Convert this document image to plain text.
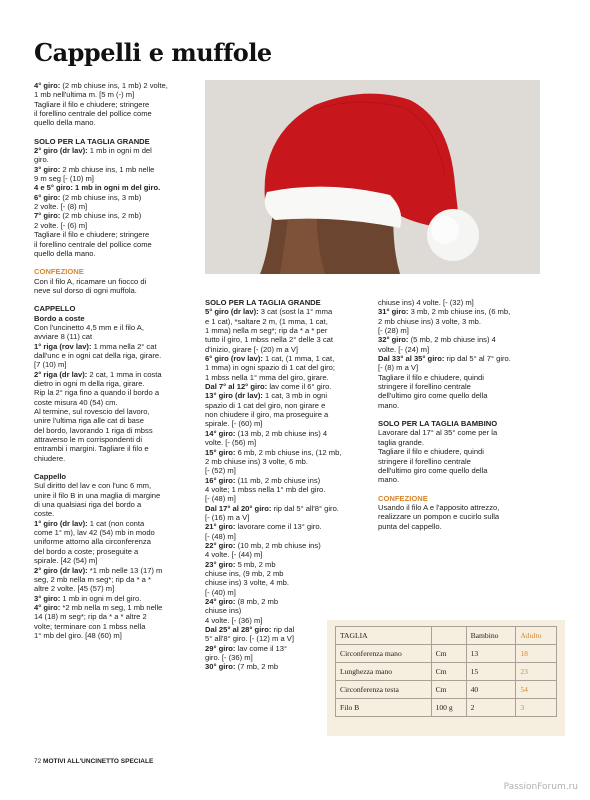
Cappelli e muffole

4° giro: (2 mb chiuse ins, 1 mb) 2 volte,

1 mb nell'ultima m. [5 m (-) m]

Tagliare il filo e chiudere; stringere

il forellino centrale del pollice come

quello della mano.

SOLO PER LA TAGLIA GRANDE

2° giro (dr lav): 1 mb in ogni m del

giro.

3° giro: 2 mb chiuse ins, 1 mb nelle

9 m seg [- (10) m]

4 e 5° giro: 1 mb in ogni m del giro.

6° giro: (2 mb chiuse ins, 3 mb)

2 volte. [- (8) m]

7° giro: (2 mb chiuse ins, 2 mb)

2 volte. [- (6) m]

Tagliare il filo e chiudere; stringere

il forellino centrale del pollice come

quello della mano.

CONFEZIONE

Con il filo A, ricamare un fiocco di

neve sul dorso di ogni muffola.

CAPPELLO

Bordo a coste

Con l'uncinetto 4,5 mm e il filo A,

avviare 8 (11) cat

1° riga (rov lav): 1 mma nella 2° cat

dall'unc e in ogni cat della riga, girare.

[7 (10) m]

2° riga (dr lav): 2 cat, 1 mma in costa

dietro in ogni m della riga, girare.

Rip la 2° riga fino a quando il bordo a

coste misura 40 (54) cm.

Al termine, sul rovescio del lavoro,

unire l'ultima riga alle cat di base

del bordo, lavorando 1 riga di mbss

attraverso le m corrispondenti di

entrambi i margini. Tagliare il filo e

chiudere.

Cappello

Sul diritto del lav e con l'unc 6 mm,

unire il filo B in una maglia di margine

di una qualsiasi riga del bordo a

coste.

1° giro (dr lav): 1 cat (non conta

come 1° m), lav 42 (54) mb in modo

uniforme attorno alla circonferenza

del bordo a coste; proseguite a

spirale. [42 (54) m]

2° giro (dr lav): *1 mb nelle 13 (17) m

seg, 2 mb nella m seg*; rip da * a *

altre 2 volte. [45 (57) m]

3° giro: 1 mb in ogni m del giro.

4° giro: *2 mb nella m seg, 1 mb nelle

14 (18) m seg*; rip da * a * altre 2

volte; terminare con 1 mbss nella

1° mb del giro. [48 (60) m]

SOLO PER LA TAGLIA GRANDE

5° giro (dr lav): 3 cat (sost la 1° mma

e 1 cat), *saltare 2 m, (1 mma, 1 cat,

1 mma) nella m seg*; rip da * a * per

tutto il giro, 1 mbss nella 2° delle 3 cat

d'inizio, girare [- (20) m a V]

6° giro (rov lav): 1 cat, (1 mma, 1 cat,

1 mma) in ogni spazio di 1 cat del giro;

1 mbss nella 1° mma del giro, girare.

Dal 7° al 12° giro: lav come il 6° giro.

13° giro (dr lav): 1 cat, 3 mb in ogni

spazio di 1 cat del giro, non girare e

non chiudere il giro, ma proseguire a

spirale. [- (60) m]

14° giro: (13 mb, 2 mb chiuse ins) 4

volte. [- (56) m]

15° giro: 6 mb, 2 mb chiuse ins, (12 mb,

2 mb chiuse ins) 3 volte, 6 mb.

[- (52) m]

16° giro: (11 mb, 2 mb chiuse ins)

4 volte; 1 mbss nella 1° mb del giro.

[- (48) m]

Dal 17° al 20° giro: rip dal 5° all'8° giro.

[- (16) m a V]

21° giro: lavorare come il 13° giro.

[- (48) m]

22° giro: (10 mb, 2 mb chiuse ins)

4 volte. [- (44) m]

23° giro: 5 mb, 2 mb

chiuse ins, (9 mb, 2 mb

chiuse ins) 3 volte, 4 mb.

[- (40) m]

24° giro: (8 mb, 2 mb

chiuse ins)

4 volte. [- (36) m]

Dal 25° al 28° giro: rip dal

5° all'8° giro. [- (12) m a V]

29° giro: lav come il 13°

giro. [- (36) m]

30° giro: (7 mb, 2 mb

chiuse ins) 4 volte. [- (32) m]

31° giro: 3 mb, 2 mb chiuse ins, (6 mb,

2 mb chiuse ins) 3 volte, 3 mb.

[- (28) m]

32° giro: (5 mb, 2 mb chiuse ins) 4

volte. [- (24) m]

Dal 33° al 35° giro: rip dal 5° al 7° giro.

[- (8) m a V]

Tagliare il filo e chiudere, quindi

stringere il forellino centrale

dell'ultimo giro come quello della

mano.

SOLO PER LA TAGLIA BAMBINO

Lavorare dal 17° al 35° come per la

taglia grande.

Tagliare il filo e chiudere, quindi

stringere il forellino centrale

dell'ultimo giro come quello della

mano.

CONFEZIONE

Usando il filo A e l'apposito attrezzo,

realizzare un pompon e cucirlo sulla

punta del cappello.

TAGLIA		Bambino	Adulto
Circonferenza mano	Cm	13	18
Lunghezza mano	Cm	15	23
Circonferenza testa	Cm	40	54
Filo B	100 g	2	3
72 MOTIVI ALL'UNCINETTO SPECIALE
PassionForum.ru
